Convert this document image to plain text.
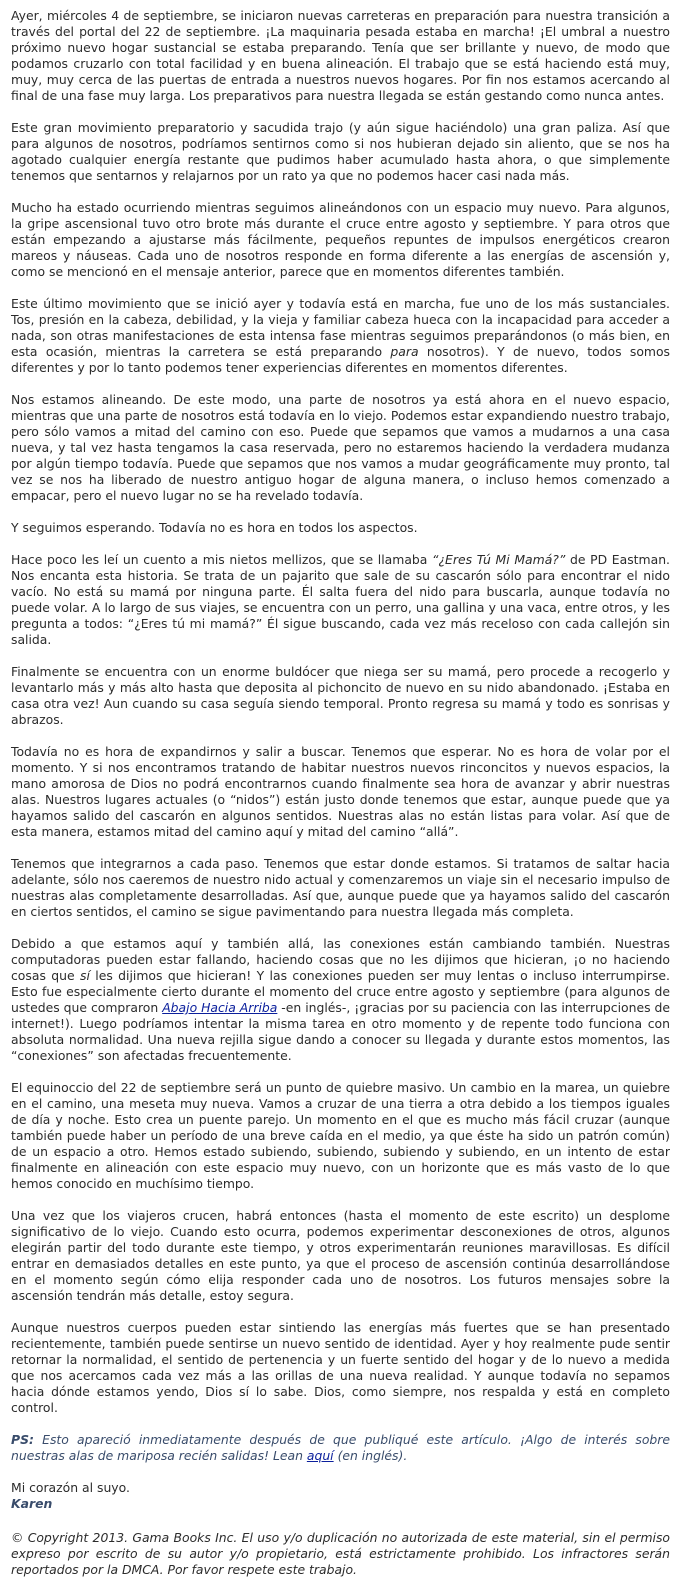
Ayer, miércoles 4 de septiembre, se iniciaron nuevas carreteras en preparación para nuestra transición a través del portal del 22 de septiembre. ¡La maquinaria pesada estaba en marcha! ¡El umbral a nuestro próximo nuevo hogar sustancial se estaba preparando. Tenía que ser brillante y nuevo, de modo que podamos cruzarlo con total facilidad y en buena alineación. El trabajo que se está haciendo está muy, muy, muy cerca de las puertas de entrada a nuestros nuevos hogares. Por fin nos estamos acercando al final de una fase muy larga. Los preparativos para nuestra llegada se están gestando como nunca antes.

Este gran movimiento preparatorio y sacudida trajo (y aún sigue haciéndolo) una gran paliza. Así que para algunos de nosotros, podríamos sentirnos como si nos hubieran dejado sin aliento, que se nos ha agotado cualquier energía restante que pudimos haber acumulado hasta ahora, o que simplemente tenemos que sentarnos y relajarnos por un rato ya que no podemos hacer casi nada más.

Mucho ha estado ocurriendo mientras seguimos alineándonos con un espacio muy nuevo. Para algunos, la gripe ascensional tuvo otro brote más durante el cruce entre agosto y septiembre. Y para otros que están empezando a ajustarse más fácilmente, pequeños repuntes de impulsos energéticos crearon mareos y náuseas. Cada uno de nosotros responde en forma diferente a las energías de ascensión y, como se mencionó en el mensaje anterior, parece que en momentos diferentes también.

Este último movimiento que se inició ayer y todavía está en marcha, fue uno de los más sustanciales. Tos, presión en la cabeza, debilidad, y la vieja y familiar cabeza hueca con la incapacidad para acceder a nada, son otras manifestaciones de esta intensa fase mientras seguimos preparándonos (o más bien, en esta ocasión, mientras la carretera se está preparando para nosotros). Y de nuevo, todos somos diferentes y por lo tanto podemos tener experiencias diferentes en momentos diferentes.

Nos estamos alineando. De este modo, una parte de nosotros ya está ahora en el nuevo espacio, mientras que una parte de nosotros está todavía en lo viejo. Podemos estar expandiendo nuestro trabajo, pero sólo vamos a mitad del camino con eso. Puede que sepamos que vamos a mudarnos a una casa nueva, y tal vez hasta tengamos la casa reservada, pero no estaremos haciendo la verdadera mudanza por algún tiempo todavía. Puede que sepamos que nos vamos a mudar geográficamente muy pronto, tal vez se nos ha liberado de nuestro antiguo hogar de alguna manera, o incluso hemos comenzado a empacar, pero el nuevo lugar no se ha revelado todavía.

Y seguimos esperando. Todavía no es hora en todos los aspectos.

Hace poco les leí un cuento a mis nietos mellizos, que se llamaba “¿Eres Tú Mi Mamá?” de PD Eastman. Nos encanta esta historia. Se trata de un pajarito que sale de su cascarón sólo para encontrar el nido vacío. No está su mamá por ninguna parte. Él salta fuera del nido para buscarla, aunque todavía no puede volar. A lo largo de sus viajes, se encuentra con un perro, una gallina y una vaca, entre otros, y les pregunta a todos: “¿Eres tú mi mamá?” Él sigue buscando, cada vez más receloso con cada callejón sin salida.

Finalmente se encuentra con un enorme buldócer que niega ser su mamá, pero procede a recogerlo y levantarlo más y más alto hasta que deposita al pichoncito de nuevo en su nido abandonado. ¡Estaba en casa otra vez! Aun cuando su casa seguía siendo temporal. Pronto regresa su mamá y todo es sonrisas y abrazos.

Todavía no es hora de expandirnos y salir a buscar. Tenemos que esperar. No es hora de volar por el momento. Y si nos encontramos tratando de habitar nuestros nuevos rinconcitos y nuevos espacios, la mano amorosa de Dios no podrá encontrarnos cuando finalmente sea hora de avanzar y abrir nuestras alas. Nuestros lugares actuales (o “nidos”) están justo donde tenemos que estar, aunque puede que ya hayamos salido del cascarón en algunos sentidos. Nuestras alas no están listas para volar. Así que de esta manera, estamos mitad del camino aquí y mitad del camino “allá”.

Tenemos que integrarnos a cada paso. Tenemos que estar donde estamos. Si tratamos de saltar hacia adelante, sólo nos caeremos de nuestro nido actual y comenzaremos un viaje sin el necesario impulso de nuestras alas completamente desarrolladas. Así que, aunque puede que ya hayamos salido del cascarón en ciertos sentidos, el camino se sigue pavimentando para nuestra llegada más completa.

Debido a que estamos aquí y también allá, las conexiones están cambiando también. Nuestras computadoras pueden estar fallando, haciendo cosas que no les dijimos que hicieran, ¡o no haciendo cosas que sí les dijimos que hicieran! Y las conexiones pueden ser muy lentas o incluso interrumpirse. Esto fue especialmente cierto durante el momento del cruce entre agosto y septiembre (para algunos de ustedes que compraron Abajo Hacia Arriba -en inglés-, ¡gracias por su paciencia con las interrupciones de internet!). Luego podríamos intentar la misma tarea en otro momento y de repente todo funciona con absoluta normalidad. Una nueva rejilla sigue dando a conocer su llegada y durante estos momentos, las “conexiones” son afectadas frecuentemente.

El equinoccio del 22 de septiembre será un punto de quiebre masivo. Un cambio en la marea, un quiebre en el camino, una meseta muy nueva. Vamos a cruzar de una tierra a otra debido a los tiempos iguales de día y noche. Esto crea un puente parejo. Un momento en el que es mucho más fácil cruzar (aunque también puede haber un período de una breve caída en el medio, ya que éste ha sido un patrón común) de un espacio a otro. Hemos estado subiendo, subiendo, subiendo y subiendo, en un intento de estar finalmente en alineación con este espacio muy nuevo, con un horizonte que es más vasto de lo que hemos conocido en muchísimo tiempo.

Una vez que los viajeros crucen, habrá entonces (hasta el momento de este escrito) un desplome significativo de lo viejo. Cuando esto ocurra, podemos experimentar desconexiones de otros, algunos elegirán partir del todo durante este tiempo, y otros experimentarán reuniones maravillosas. Es difícil entrar en demasiados detalles en este punto, ya que el proceso de ascensión continúa desarrollándose en el momento según cómo elija responder cada uno de nosotros. Los futuros mensajes sobre la ascensión tendrán más detalle, estoy segura.

Aunque nuestros cuerpos pueden estar sintiendo las energías más fuertes que se han presentado recientemente, también puede sentirse un nuevo sentido de identidad. Ayer y hoy realmente pude sentir retornar la normalidad, el sentido de pertenencia y un fuerte sentido del hogar y de lo nuevo a medida que nos acercamos cada vez más a las orillas de una nueva realidad. Y aunque todavía no sepamos hacia dónde estamos yendo, Dios sí lo sabe. Dios, como siempre, nos respalda y está en completo control.

PS: Esto apareció inmediatamente después de que publiqué este artículo. ¡Algo de interés sobre nuestras alas de mariposa recién salidas! Lean aquí (en inglés).

Mi corazón al suyo.
Karen

© Copyright 2013. Gama Books Inc. El uso y/o duplicación no autorizada de este material, sin el permiso expreso por escrito de su autor y/o propietario, está estrictamente prohibido. Los infractores serán reportados por la DMCA. Por favor respete este trabajo.
